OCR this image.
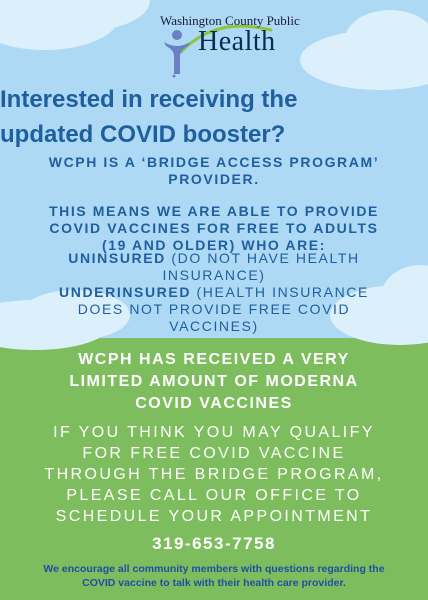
Washington County Public

Health

Interested in receiving the
updated COVID booster?
WCPH IS A ‘BRIDGE ACCESS PROGRAM’
PROVIDER.
THIS MEANS WE ARE ABLE TO PROVIDE
COVID VACCINES FOR FREE TO ADULTS
(19 AND OLDER) WHO ARE:
UNINSURED (DO NOT HAVE HEALTH
INSURANCE)
UNDERINSURED (HEALTH INSURANCE
DOES NOT PROVIDE FREE COVID
VACCINES)
WCPH HAS RECEIVED A VERY
LIMITED AMOUNT OF MODERNA
COVID VACCINES
IF YOU THINK YOU MAY QUALIFY
FOR FREE COVID VACCINE
THROUGH THE BRIDGE PROGRAM,
PLEASE CALL OUR OFFICE TO
SCHEDULE YOUR APPOINTMENT

319-653-7758

We encourage all community members with questions regarding the
COVID vaccine to talk with their health care provider.
